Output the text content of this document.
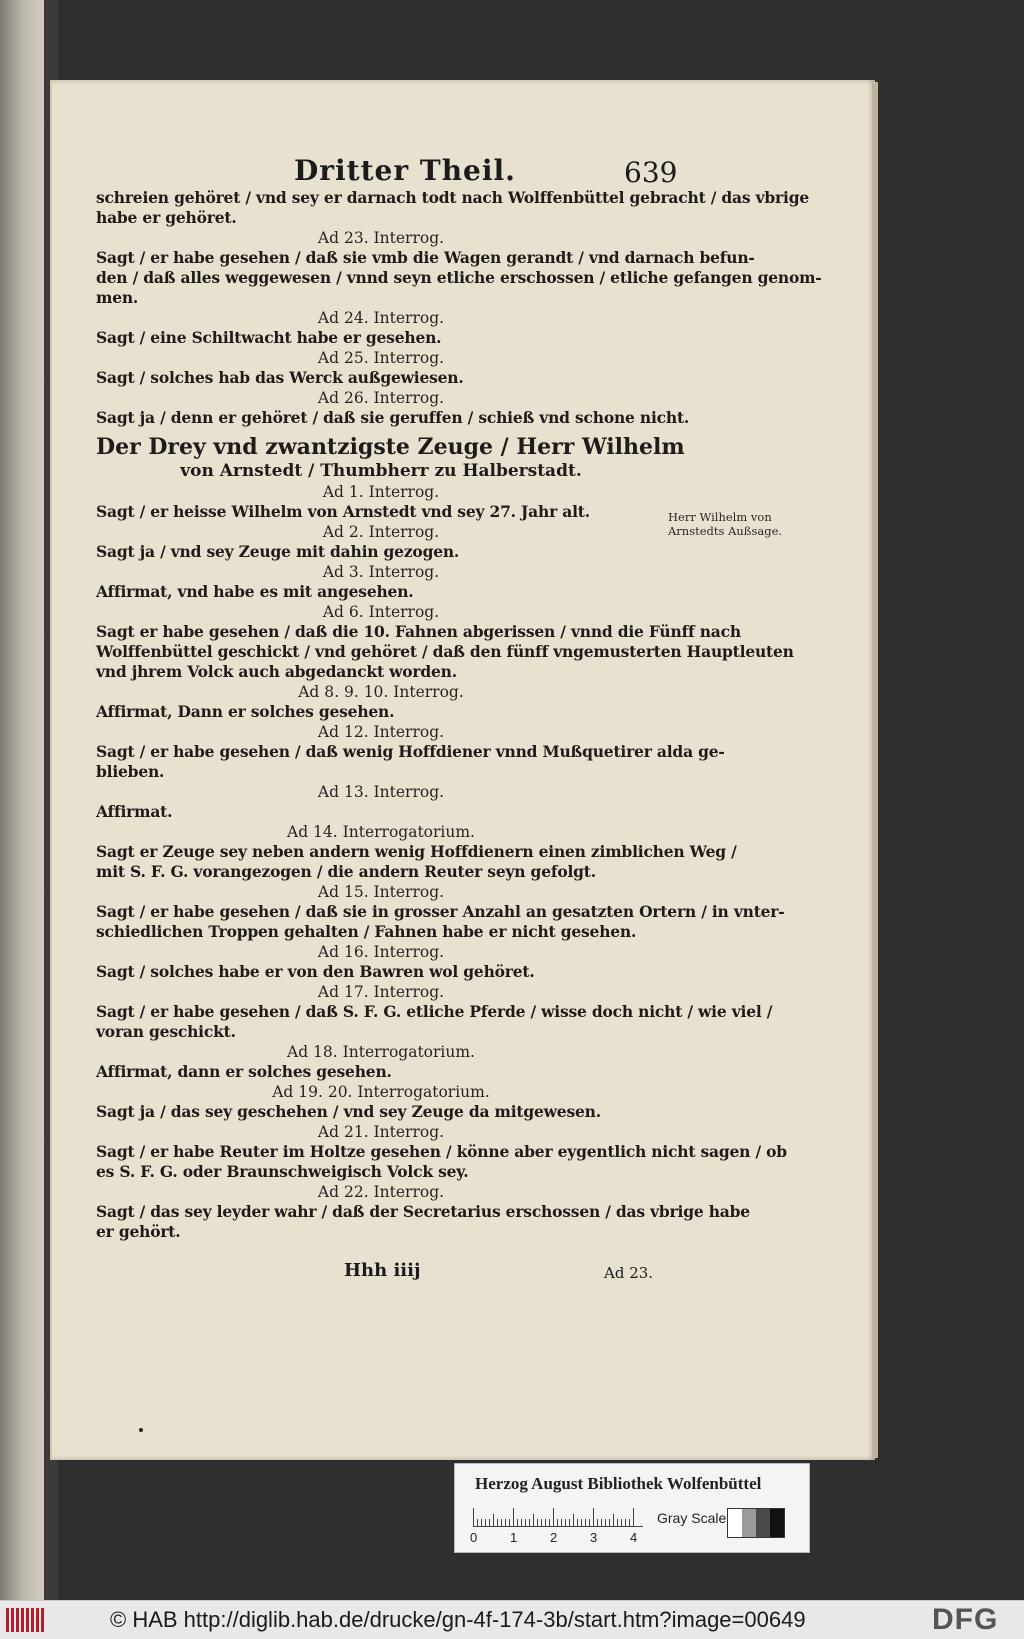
Dritter Theil.	639
schreien gehöret / vnd sey er darnach todt nach Wolffenbüttel gebracht / das vbrige
habe er gehöret.
Ad 23. Interrog.
Sagt / er habe gesehen / daß sie vmb die Wagen gerandt / vnd darnach befun-
den / daß alles weggewesen / vnnd seyn etliche erschossen / etliche gefangen genom-
men.
Ad 24. Interrog.
Sagt / eine Schiltwacht habe er gesehen.
Ad 25. Interrog.
Sagt / solches hab das Werck außgewiesen.
Ad 26. Interrog.
Sagt ja / denn er gehöret / daß sie geruffen / schieß vnd schone nicht.
Der Drey vnd zwantzigste Zeuge / Herr Wilhelm
von Arnstedt / Thumbherr zu Halberstadt.
Ad 1. Interrog.
Sagt / er heisse Wilhelm von Arnstedt vnd sey 27. Jahr alt.
Ad 2. Interrog.
Sagt ja / vnd sey Zeuge mit dahin gezogen.
Ad 3. Interrog.
Affirmat, vnd habe es mit angesehen.
Ad 6. Interrog.
Sagt er habe gesehen / daß die 10. Fahnen abgerissen / vnnd die Fünff nach
Wolffenbüttel geschickt / vnd gehöret / daß den fünff vngemusterten Hauptleuten
vnd jhrem Volck auch abgedanckt worden.
Ad 8. 9. 10. Interrog.
Affirmat, Dann er solches gesehen.
Ad 12. Interrog.
Sagt / er habe gesehen / daß wenig Hoffdiener vnnd Mußquetirer alda ge-
blieben.
Ad 13. Interrog.
Affirmat.
Ad 14. Interrogatorium.
Sagt er Zeuge sey neben andern wenig Hoffdienern einen zimblichen Weg /
mit S. F. G. vorangezogen / die andern Reuter seyn gefolgt.
Ad 15. Interrog.
Sagt / er habe gesehen / daß sie in grosser Anzahl an gesatzten Ortern / in vnter-
schiedlichen Troppen gehalten / Fahnen habe er nicht gesehen.
Ad 16. Interrog.
Sagt / solches habe er von den Bawren wol gehöret.
Ad 17. Interrog.
Sagt / er habe gesehen / daß S. F. G. etliche Pferde / wisse doch nicht / wie viel /
voran geschickt.
Ad 18. Interrogatorium.
Affirmat, dann er solches gesehen.
Ad 19. 20. Interrogatorium.
Sagt ja / das sey geschehen / vnd sey Zeuge da mitgewesen.
Ad 21. Interrog.
Sagt / er habe Reuter im Holtze gesehen / könne aber eygentlich nicht sagen / ob
es S. F. G. oder Braunschweigisch Volck sey.
Ad 22. Interrog.
Sagt / das sey leyder wahr / daß der Secretarius erschossen / das vbrige habe
er gehört.
Herr Wilhelm von
Arnstedts Außsage.
Hhh iiij	Ad 23.
Herzog August Bibliothek Wolfenbüttel
Gray Scale
0	1	2	3	4
© HAB http://diglib.hab.de/drucke/gn-4f-174-3b/start.htm?image=00649	DFG
